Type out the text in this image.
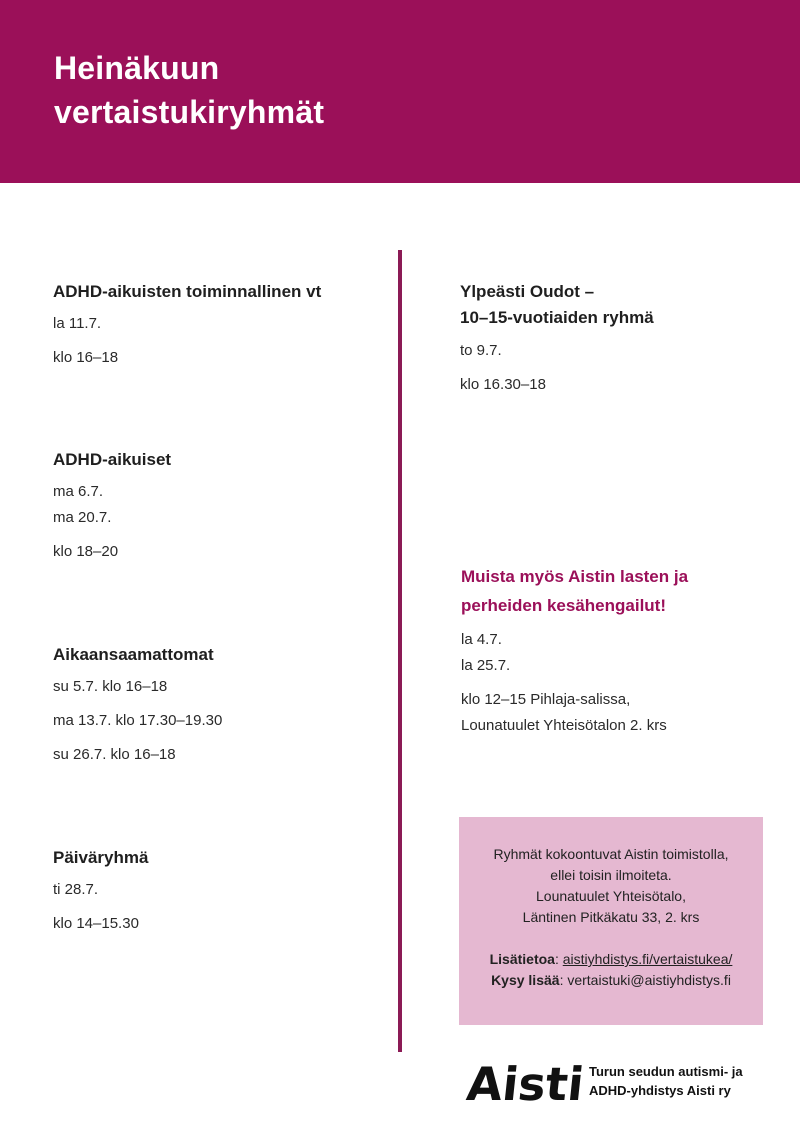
Heinäkuun
vertaistukiryhmät
ADHD-aikuisten toiminnallinen vt
la 11.7.
klo 16–18
ADHD-aikuiset
ma 6.7.
ma 20.7.
klo 18–20
Aikaansaamattomat
su 5.7. klo 16–18
ma 13.7. klo 17.30–19.30
su 26.7. klo 16–18
Päiväryhmä
ti 28.7.
klo 14–15.30
Ylpeästi Oudot –
10–15-vuotiaiden ryhmä
to 9.7.
klo 16.30–18
Muista myös Aistin lasten ja
perheiden kesähengailut!
la 4.7.
la 25.7.
klo 12–15 Pihlaja-salissa,
Lounatuulet Yhteisötalon 2. krs
Ryhmät kokoontuvat Aistin toimistolla,
ellei toisin ilmoiteta.
Lounatuulet Yhteisötalo,
Läntinen Pitkäkatu 33, 2. krs
Lisätietoa: aistiyhdistys.fi/vertaistukea/
Kysy lisää: vertaistuki@aistiyhdistys.fi
Aisti Turun seudun autismi- ja
ADHD-yhdistys Aisti ry
